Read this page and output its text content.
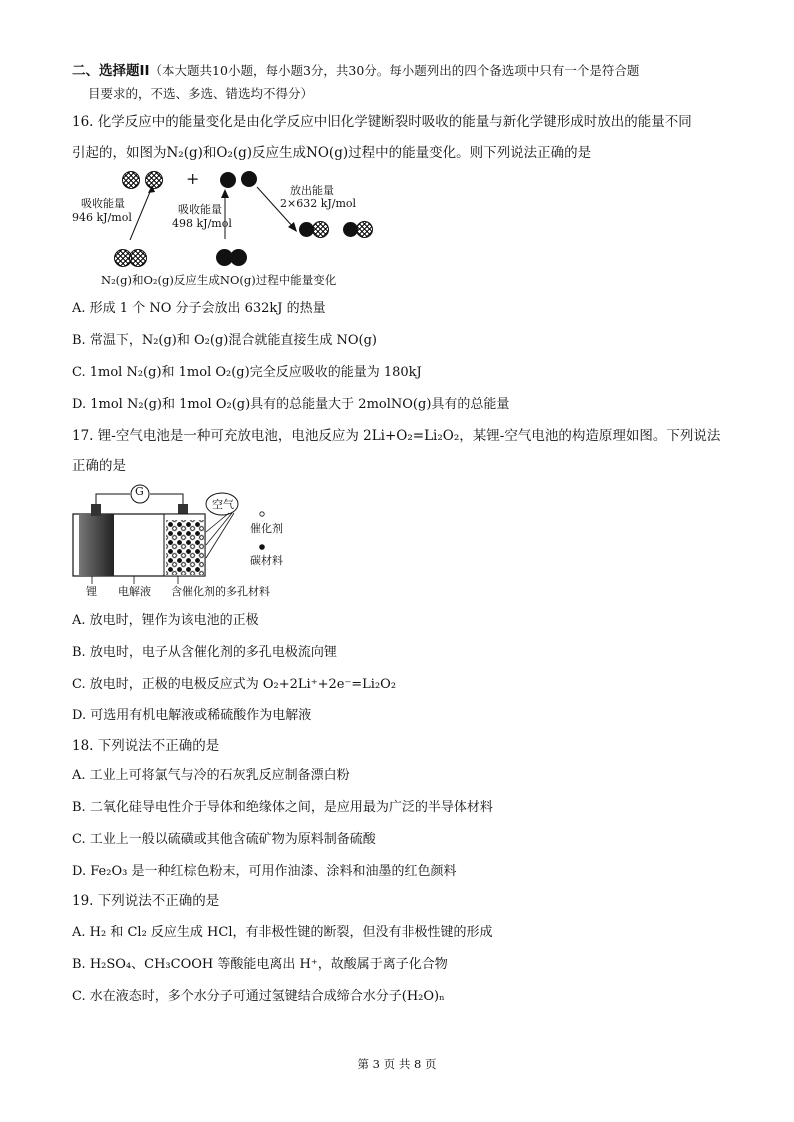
二、选择题II（本大题共10小题，每小题3分，共30分。每小题列出的四个备选项中只有一个是符合题
目要求的，不选、多选、错选均不得分）
16. 化学反应中的能量变化是由化学反应中旧化学键断裂时吸收的能量与新化学键形成时放出的能量不同
引起的，如图为N₂(g)和O₂(g)反应生成NO(g)过程中的能量变化。则下列说法正确的是
+
吸收能量
946 kJ/mol
吸收能量
498 kJ/mol
放出能量
2×632 kJ/mol
N₂(g)和O₂(g)反应生成NO(g)过程中能量变化
A. 形成 1 个 NO 分子会放出 632kJ 的热量
B. 常温下，N₂(g)和 O₂(g)混合就能直接生成 NO(g)
C. 1mol N₂(g)和 1mol O₂(g)完全反应吸收的能量为 180kJ
D. 1mol N₂(g)和 1mol O₂(g)具有的总能量大于 2molNO(g)具有的总能量
17. 锂-空气电池是一种可充放电池，电池反应为 2Li+O₂=Li₂O₂，某锂-空气电池的构造原理如图。下列说法
正确的是
G
空气
催化剂
碳材料
锂 电解液 含催化剂的多孔材料
A. 放电时，锂作为该电池的正极
B. 放电时，电子从含催化剂的多孔电极流向锂
C. 放电时，正极的电极反应式为 O₂+2Li⁺+2e⁻=Li₂O₂
D. 可选用有机电解液或稀硫酸作为电解液
18. 下列说法不正确的是
A. 工业上可将氯气与冷的石灰乳反应制备漂白粉
B. 二氧化硅导电性介于导体和绝缘体之间，是应用最为广泛的半导体材料
C. 工业上一般以硫磺或其他含硫矿物为原料制备硫酸
D. Fe₂O₃ 是一种红棕色粉末，可用作油漆、涂料和油墨的红色颜料
19. 下列说法不正确的是
A. H₂ 和 Cl₂ 反应生成 HCl，有非极性键的断裂，但没有非极性键的形成
B. H₂SO₄、CH₃COOH 等酸能电离出 H⁺，故酸属于离子化合物
C. 水在液态时，多个水分子可通过氢键结合成缔合水分子(H₂O)ₙ
第 3 页 共 8 页
